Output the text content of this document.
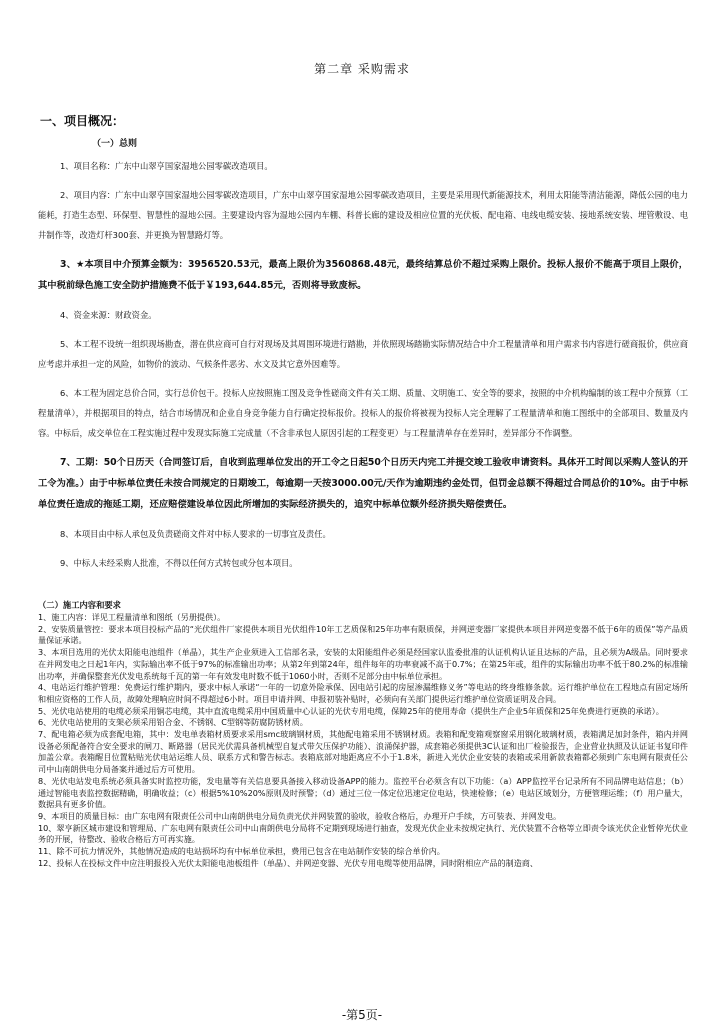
第二章 采购需求
一、项目概况：
（一）总则

1、项目名称：广东中山翠亨国家湿地公园零碳改造项目。

2、项目内容：广东中山翠亨国家湿地公园零碳改造项目，广东中山翠亨国家湿地公园零碳改造项目，主要是采用现代新能源技术，利用太阳能等清洁能源，降低公园的电力能耗，打造生态型、环保型、智慧性的湿地公园。主要建设内容为湿地公园内车棚、科普长廊的建设及相应位置的光伏板、配电箱、电线电缆安装、接地系统安装、埋管敷设、电井制作等，改造灯杆300套、并更换为智慧路灯等。

3、★本项目中介预算金额为：3956520.53元，最高上限价为3560868.48元，最终结算总价不超过采购上限价。投标人报价不能高于项目上限价，其中税前绿色施工安全防护措施费不低于￥193,644.85元，否则将导致废标。

4、资金来源：财政资金。

5、本工程不设统一组织现场勘查，潜在供应商可自行对现场及其周围环境进行踏勘，并依照现场踏勘实际情况结合中介工程量清单和用户需求书内容进行磋商报价，供应商应考虑并承担一定的风险，如物价的波动、气候条件恶劣、水文及其它意外因难等。

6、本工程为固定总价合同，实行总价包干。投标人应按照施工图及竞争性磋商文件有关工期、质量、文明施工、安全等的要求，按照的中介机构编制的该工程中介预算（工程量清单），并根据项目的特点，结合市场情况和企业自身竞争能力自行确定投标报价。投标人的报价将被视为投标人完全理解了工程量清单和施工图纸中的全部项目、数量及内容。中标后，成交单位在工程实施过程中发现实际施工完成量（不含非承包人原因引起的工程变更）与工程量清单存在差异时，差异部分不作调整。

7、工期：50个日历天（合同签订后，自收到监理单位发出的开工令之日起50个日历天内完工并提交竣工验收申请资料。具体开工时间以采购人签认的开工令为准。）由于中标单位责任未按合同规定的日期竣工，每逾期一天按3000.00元/天作为逾期违约金处罚，但罚金总额不得超过合同总价的10%。由于中标单位责任造成的拖延工期，还应赔偿建设单位因此所增加的实际经济损失的，追究中标单位额外经济损失赔偿责任。

8、本项目由中标人承包及负责磋商文件对中标人要求的一切事宜及责任。

9、中标人未经采购人批准，不得以任何方式转包或分包本项目。

（二）施工内容和要求

1、施工内容：详见工程量清单和图纸（另册提供）。

2、安装质量管控：要求本项目投标产品的“光伏组件厂家提供本项目光伏组件10年工艺质保和25年功率有限质保，并网逆变器厂家提供本项目并网逆变器不低于6年的质保”等产品质量保证承诺。

3、本项目选用的光伏太阳能电池组件（单晶），其生产企业须进入工信部名录，安装的太阳能组件必须是经国家认监委批准的认证机构认证且达标的产品，且必须为A级品。同时要求在并网发电之日起1年内，实际输出率不低于97%的标准输出功率；从第2年到第24年，组件每年的功率衰减不高于0.7%；在第25年或，组件的实际输出功率不低于80.2%的标准输出功率，并确保整套光伏发电系统每千瓦的第一年有效发电时数不低于1060小时，否则不足部分由中标单位承担。

4、电站运行维护管理：免费运行维护期内，要求中标人承诺“一年的一切意外险承保、因电站引起的房屋渗漏维修义务”等电站的终身维修条款。运行维护单位在工程地点有固定场所和相应资格的工作人员，故障处理响应时间不得超过6小时。项目申请并网、申报初装补贴时，必须向有关部门提供运行维护单位资质证明及合同。

5、光伏电站使用的电缆必须采用铜芯电缆，其中直流电缆采用中国质量中心认证的光伏专用电缆，保障25年的使用寿命（提供生产企业5年质保和25年免费进行更换的承诺）。

6、光伏电站使用的支架必须采用铝合金、不锈钢、C型钢等防腐防锈材质。

7、配电箱必须为成套配电箱，其中：发电单表箱材质要求采用smc玻璃钢材质，其他配电箱采用不锈钢材质。表箱和配变箱观察窗采用钢化玻璃材质，表箱满足加封条件，箱内并网设备必须配备符合安全要求的闸刀、断路器（居民光伏需具备机械型自复式带欠压保护功能）、浪涌保护器，成套箱必须提供3C认证和出厂检验报告，企业营业执照及认证证书复印件加盖公章。表箱醒目位置粘贴光伏电站运维人员、联系方式和警告标志。表箱底部对地距离应不小于1.8米，新进入光伏企业安装的表箱或采用新款表箱都必须到广东电网有限责任公司中山南朗供电分局备案并通过后方可使用。

8、光伏电站发电系统必须具备实时监控功能，发电量等有关信息要具备接入移动设备APP的能力。监控平台必须含有以下功能：（a）APP监控平台记录所有不同品牌电站信息；（b）通过智能电表监控数据精确，明确收益；（c）根据5%10%20%原则及时预警；（d）通过三位一体定位迅速定位电站，快速检修；（e）电站区域划分，方便管理运维；（f）用户量大，数据具有更多价值。

9、本项目的质量目标：由广东电网有限责任公司中山南朗供电分局负责光伏并网装置的验收，验收合格后，办理开户手续，方可装表、并网发电。

10、翠亨新区城市建设和管理局、广东电网有限责任公司中山南朗供电分局将不定期到现场进行抽查，发现光伏企业未按规定执行、光伏装置不合格等立即责令该光伏企业暂停光伏业务的开展，待整改、验收合格后方可再实施。

11、除不可抗力情况外，其他情况造成的电站损坏均有中标单位承担，费用已包含在电站制作安装的综合单价内。

12、投标人在投标文件中应注明报投入光伏太阳能电池板组件（单晶）、并网逆变器、光伏专用电缆等使用品牌，同时附相应产品的制造商、

-第5页-
